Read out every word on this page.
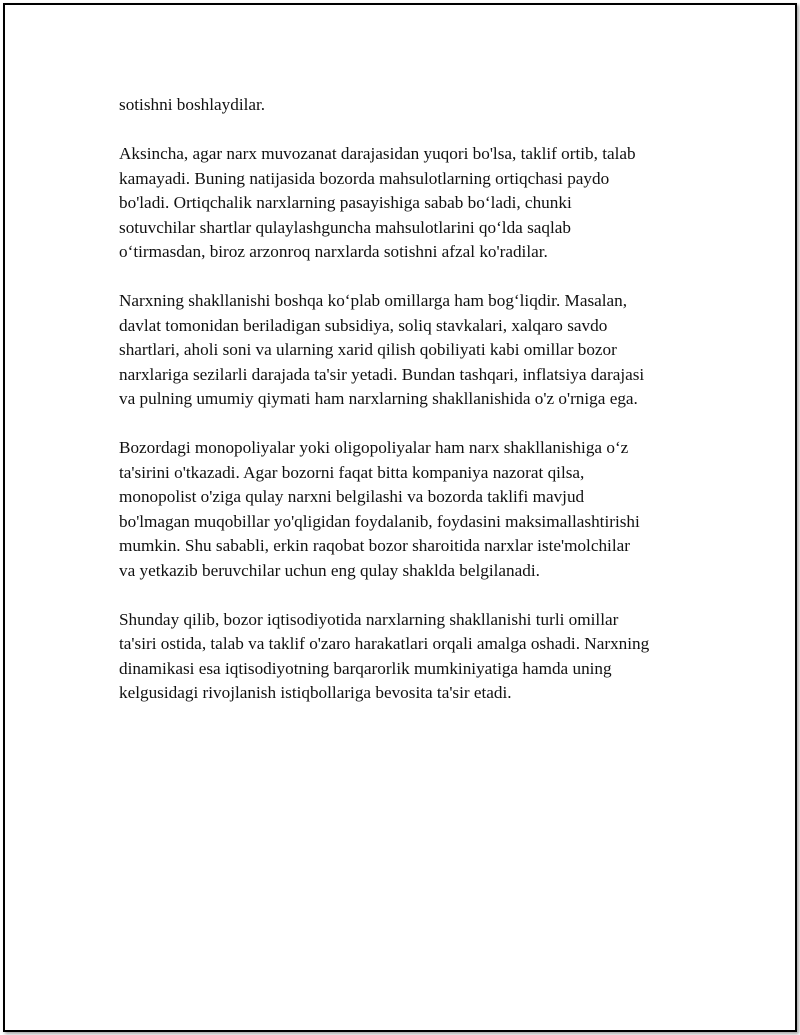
sotishni boshlaydilar.

Aksincha, agar narx muvozanat darajasidan yuqori bo'lsa, taklif ortib, talab
kamayadi. Buning natijasida bozorda mahsulotlarning ortiqchasi paydo
bo'ladi. Ortiqchalik narxlarning pasayishiga sabab bo‘ladi, chunki
sotuvchilar shartlar qulaylashguncha mahsulotlarini qo‘lda saqlab
o‘tirmasdan, biroz arzonroq narxlarda sotishni afzal ko'radilar.

Narxning shakllanishi boshqa ko‘plab omillarga ham bog‘liqdir. Masalan,
davlat tomonidan beriladigan subsidiya, soliq stavkalari, xalqaro savdo
shartlari, aholi soni va ularning xarid qilish qobiliyati kabi omillar bozor
narxlariga sezilarli darajada ta'sir yetadi. Bundan tashqari, inflatsiya darajasi
va pulning umumiy qiymati ham narxlarning shakllanishida o'z o'rniga ega.

Bozordagi monopoliyalar yoki oligopoliyalar ham narx shakllanishiga o‘z
ta'sirini o'tkazadi. Agar bozorni faqat bitta kompaniya nazorat qilsa,
monopolist o'ziga qulay narxni belgilashi va bozorda taklifi mavjud
bo'lmagan muqobillar yo'qligidan foydalanib, foydasini maksimallashtirishi
mumkin. Shu sababli, erkin raqobat bozor sharoitida narxlar iste'molchilar
va yetkazib beruvchilar uchun eng qulay shaklda belgilanadi.

Shunday qilib, bozor iqtisodiyotida narxlarning shakllanishi turli omillar
ta'siri ostida, talab va taklif o'zaro harakatlari orqali amalga oshadi. Narxning
dinamikasi esa iqtisodiyotning barqarorlik mumkiniyatiga hamda uning
kelgusidagi rivojlanish istiqbollariga bevosita ta'sir etadi.
